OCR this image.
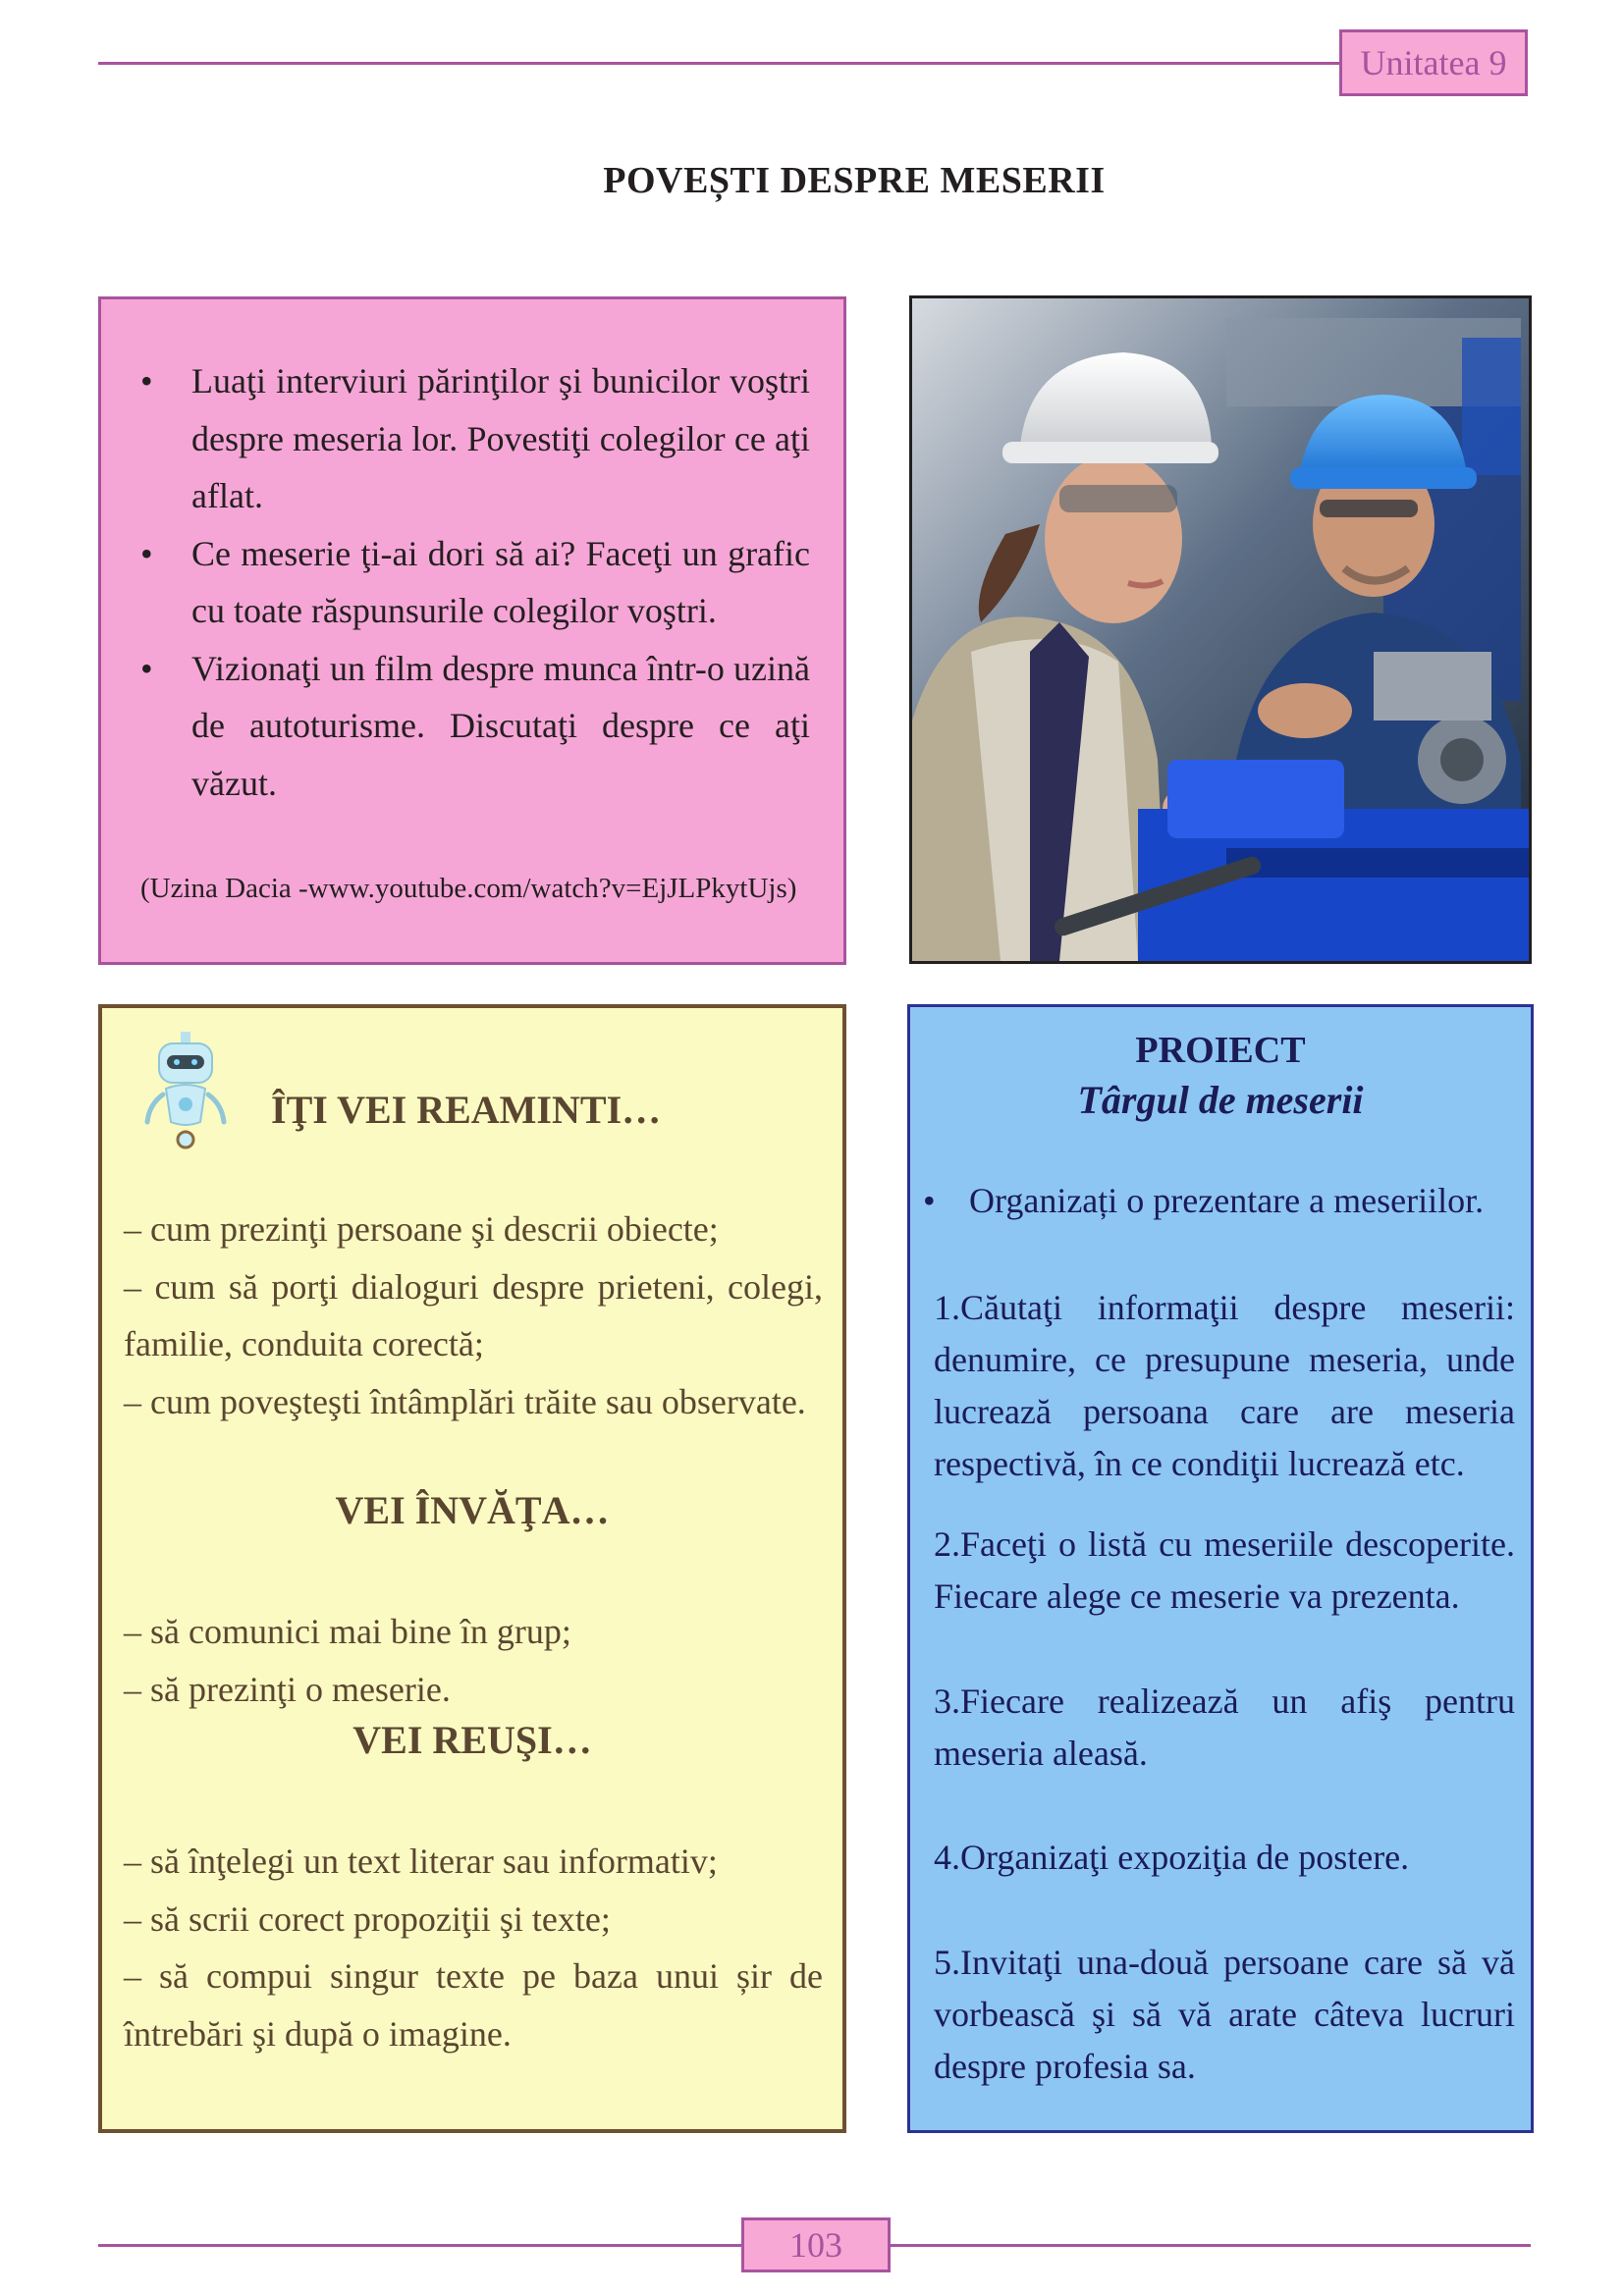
Unitatea 9
POVEȘTI DESPRE MESERII
• Luaţi interviuri părinţilor şi bunicilor voştri despre meseria lor. Povestiţi colegilor ce aţi aflat.
• Ce meserie ţi-ai dori să ai? Faceţi un grafic cu toate răspunsurile colegilor voştri.
• Vizionaţi un film despre munca într-o uzină de autoturisme. Discutaţi despre ce aţi văzut.
(Uzina Dacia -www.youtube.com/watch?v=EjJLPkytUjs)
ÎŢI VEI REAMINTI…
– cum prezinţi persoane şi descrii obiecte;
– cum să porţi dialoguri despre prieteni, colegi, familie, conduita corectă;
– cum poveşteşti întâmplări trăite sau observate.
VEI ÎNVĂŢA…
– să comunici mai bine în grup;
– să prezinţi o meserie.
VEI REUŞI…
– să înţelegi un text literar sau informativ;
– să scrii corect propoziţii şi texte;
– să compui singur texte pe baza unui șir de întrebări şi după o imagine.
PROIECT
Târgul de meserii
• Organizați o prezentare a meseriilor.
1.Căutaţi informaţii despre meserii: denumire, ce presupune meseria, unde lucrează persoana care are meseria respectivă, în ce condiţii lucrează etc.
2.Faceţi o listă cu meseriile descoperite. Fiecare alege ce meserie va prezenta.
3.Fiecare realizează un afiş pentru meseria aleasă.
4.Organizaţi expoziţia de postere.
5.Invitaţi una-două persoane care să vă vorbească şi să vă arate câteva lucruri despre profesia sa.
103
